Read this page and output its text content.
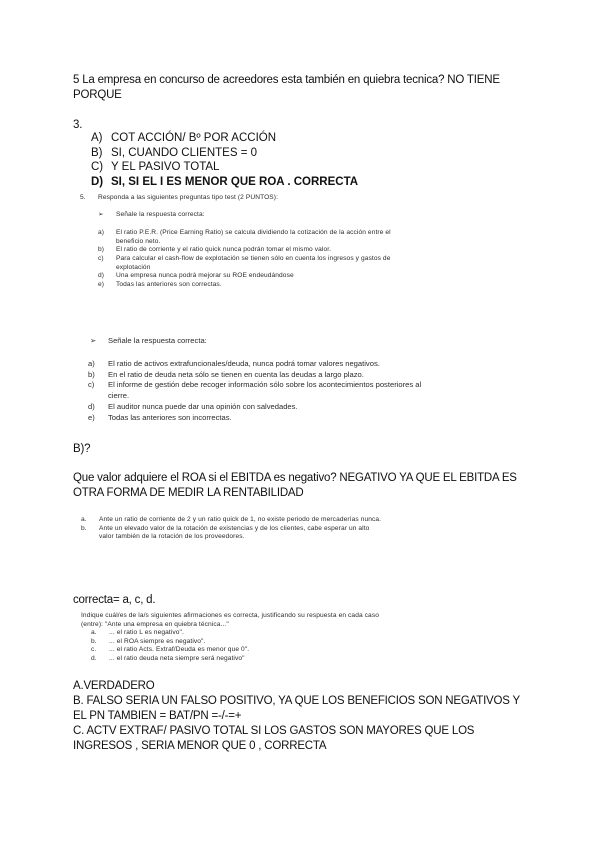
5 La empresa en concurso de acreedores esta también en quiebra tecnica? NO TIENE
PORQUE
3.
A) COT ACCIÓN/ Bº POR ACCIÓN
B) SI, CUANDO CLIENTES = 0
C) Y EL PASIVO TOTAL
D) SI, SI EL I ES MENOR QUE ROA . CORRECTA
5. Responda a las siguientes preguntas tipo test (2 PUNTOS):
➢ Señale la respuesta correcta:
a) El ratio P.E.R. (Price Earning Ratio) se calcula dividiendo la cotización de la acción entre el
beneficio neto.
b) El ratio de corriente y el ratio quick nunca podrán tomar el mismo valor.
c) Para calcular el cash-flow de explotación se tienen sólo en cuenta los ingresos y gastos de
explotación
d) Una empresa nunca podrá mejorar su ROE endeudándose
e) Todas las anteriores son correctas.
➢ Señale la respuesta correcta:
a) El ratio de activos extrafuncionales/deuda, nunca podrá tomar valores negativos.
b) En el ratio de deuda neta sólo se tienen en cuenta las deudas a largo plazo.
c) El informe de gestión debe recoger información sólo sobre los acontecimientos posteriores al
cierre.
d) El auditor nunca puede dar una opinión con salvedades.
e) Todas las anteriores son incorrectas.
B)?
Que valor adquiere el ROA si el EBITDA es negativo? NEGATIVO YA QUE EL EBITDA ES
OTRA FORMA DE MEDIR LA RENTABILIDAD
a. Ante un ratio de corriente de 2 y un ratio quick de 1, no existe periodo de mercaderías nunca.
b. Ante un elevado valor de la rotación de existencias y de los clientes, cabe esperar un alto
valor también de la rotación de los proveedores.
correcta= a, c, d.
Indique cuál/es de la/s siguientes afirmaciones es correcta, justificando su respuesta en cada caso
(entre): "Ante una empresa en quiebra técnica..."
a. ... el ratio L es negativo".
b. ... el ROA siempre es negativo".
c. ... el ratio Acts. Extraf/Deuda es menor que 0".
d. ... el ratio deuda neta siempre será negativo"
A.VERDADERO
B. FALSO SERIA UN FALSO POSITIVO, YA QUE LOS BENEFICIOS SON NEGATIVOS Y
EL PN TAMBIEN = BAT/PN =-/-=+
C. ACTV EXTRAF/ PASIVO TOTAL SI LOS GASTOS SON MAYORES QUE LOS
INGRESOS , SERIA MENOR QUE 0 , CORRECTA
